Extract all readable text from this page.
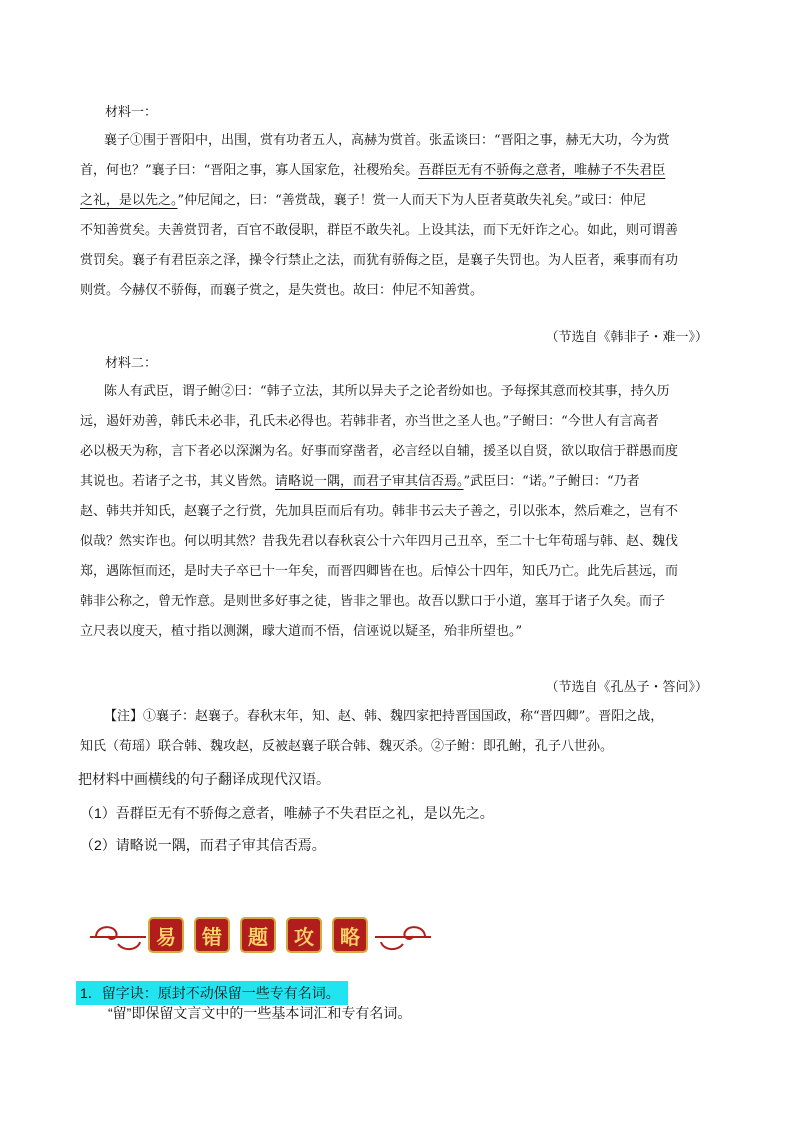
材料一：
襄子①围于晋阳中，出围，赏有功者五人，高赫为赏首。张孟谈曰：“晋阳之事，赫无大功，今为赏
首，何也？”襄子曰：“晋阳之事，寡人国家危，社稷殆矣。吾群臣无有不骄侮之意者，唯赫子不失君臣
之礼，是以先之。”仲尼闻之，曰：“善赏哉，襄子！赏一人而天下为人臣者莫敢失礼矣。”或曰：仲尼
不知善赏矣。夫善赏罚者，百官不敢侵职，群臣不敢失礼。上设其法，而下无奸诈之心。如此，则可谓善
赏罚矣。襄子有君臣亲之泽，操令行禁止之法，而犹有骄侮之臣，是襄子失罚也。为人臣者，乘事而有功
则赏。今赫仅不骄侮，而襄子赏之，是失赏也。故曰：仲尼不知善赏。
（节选自《韩非子・难一》）
材料二：
陈人有武臣，谓子鲋②曰：“韩子立法，其所以异夫子之论者纷如也。予每探其意而校其事，持久历
远，遏奸劝善，韩氏未必非，孔氏未必得也。若韩非者，亦当世之圣人也。”子鲋曰：“今世人有言高者
必以极天为称，言下者必以深渊为名。好事而穿凿者，必言经以自辅，援圣以自贤，欲以取信于群愚而度
其说也。若诸子之书，其义皆然。请略说一隅，而君子审其信否焉。”武臣曰：“诺。”子鲋曰：“乃者
赵、韩共并知氏，赵襄子之行赏，先加具臣而后有功。韩非书云夫子善之，引以张本，然后难之，岂有不
似哉？然实诈也。何以明其然？昔我先君以春秋哀公十六年四月己丑卒，至二十七年荀瑶与韩、赵、魏伐
郑，遇陈恒而还，是时夫子卒已十一年矣，而晋四卿皆在也。后悼公十四年，知氏乃亡。此先后甚远，而
韩非公称之，曾无怍意。是则世多好事之徒，皆非之罪也。故吾以默口于小道，塞耳于诸子久矣。而子
立尺表以度天，植寸指以测渊，曚大道而不悟，信诬说以疑圣，殆非所望也。”
（节选自《孔丛子・答问》）
【注】①襄子：赵襄子。春秋末年，知、赵、韩、魏四家把持晋国国政，称“晋四卿”。晋阳之战，
知氏（荀瑶）联合韩、魏攻赵，反被赵襄子联合韩、魏灭杀。②子鲋：即孔鲋，孔子八世孙。
把材料中画横线的句子翻译成现代汉语。
（1）吾群臣无有不骄侮之意者，唯赫子不失君臣之礼，是以先之。
（2）请略说一隅，而君子审其信否焉。
易	错	题	攻	略
1．留字诀：原封不动保留一些专有名词。
“留”即保留文言文中的一些基本词汇和专有名词。
